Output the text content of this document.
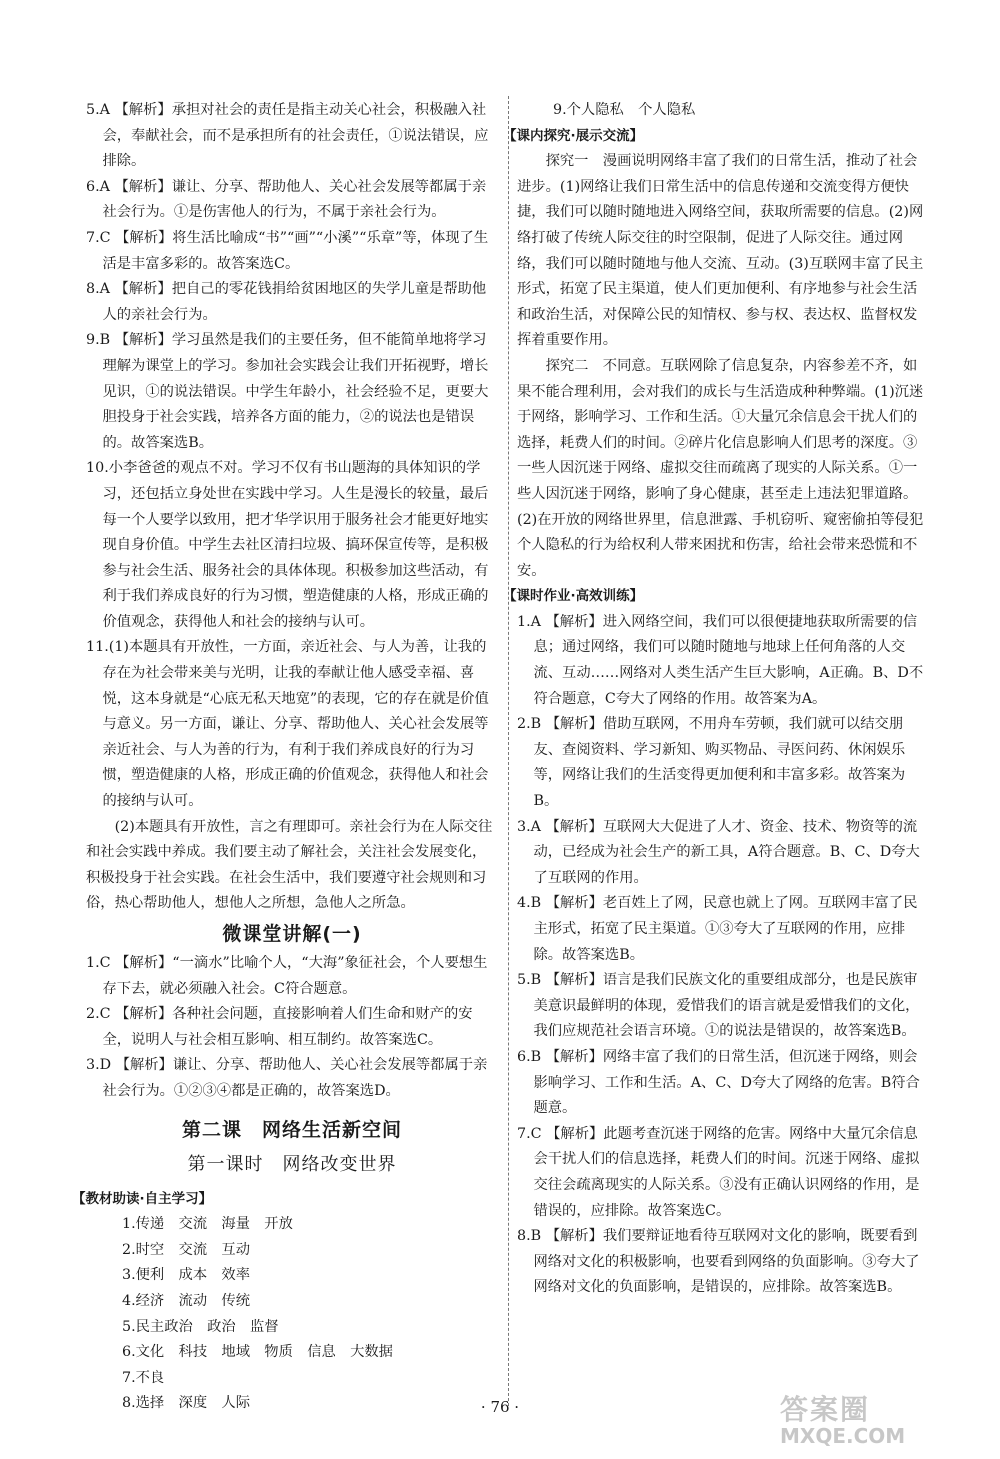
5.A 【解析】承担对社会的责任是指主动关心社会，积极融入社会，奉献社会，而不是承担所有的社会责任，①说法错误，应排除。

6.A 【解析】谦让、分享、帮助他人、关心社会发展等都属于亲社会行为。①是伤害他人的行为，不属于亲社会行为。

7.C 【解析】将生活比喻成“书”“画”“小溪”“乐章”等，体现了生活是丰富多彩的。故答案选C。

8.A 【解析】把自己的零花钱捐给贫困地区的失学儿童是帮助他人的亲社会行为。

9.B 【解析】学习虽然是我们的主要任务，但不能简单地将学习理解为课堂上的学习。参加社会实践会让我们开拓视野，增长见识，①的说法错误。中学生年龄小，社会经验不足，更要大胆投身于社会实践，培养各方面的能力，②的说法也是错误的。故答案选B。

10.小李爸爸的观点不对。学习不仅有书山题海的具体知识的学习，还包括立身处世在实践中学习。人生是漫长的较量，最后每一个人要学以致用，把才华学识用于服务社会才能更好地实现自身价值。中学生去社区清扫垃圾、搞环保宣传等，是积极参与社会生活、服务社会的具体体现。积极参加这些活动，有利于我们养成良好的行为习惯，塑造健康的人格，形成正确的价值观念，获得他人和社会的接纳与认可。

11.(1)本题具有开放性，一方面，亲近社会、与人为善，让我的存在为社会带来美与光明，让我的奉献让他人感受幸福、喜悦，这本身就是“心底无私天地宽”的表现，它的存在就是价值与意义。另一方面，谦让、分享、帮助他人、关心社会发展等亲近社会、与人为善的行为，有利于我们养成良好的行为习惯，塑造健康的人格，形成正确的价值观念，获得他人和社会的接纳与认可。

(2)本题具有开放性，言之有理即可。亲社会行为在人际交往和社会实践中养成。我们要主动了解社会，关注社会发展变化，积极投身于社会实践。在社会生活中，我们要遵守社会规则和习俗，热心帮助他人，想他人之所想，急他人之所急。

微课堂讲解(一)

1.C 【解析】“一滴水”比喻个人，“大海”象征社会，个人要想生存下去，就必须融入社会。C符合题意。

2.C 【解析】各种社会问题，直接影响着人们生命和财产的安全，说明人与社会相互影响、相互制约。故答案选C。

3.D 【解析】谦让、分享、帮助他人、关心社会发展等都属于亲社会行为。①②③④都是正确的，故答案选D。

第二课　网络生活新空间
第一课时　网络改变世界

【教材助读·自主学习】

1.传递　交流　海量　开放

2.时空　交流　互动

3.便利　成本　效率

4.经济　流动　传统

5.民主政治　政治　监督

6.文化　科技　地域　物质　信息　大数据

7.不良

8.选择　深度　人际

9.个人隐私　个人隐私

【课内探究·展示交流】

探究一　漫画说明网络丰富了我们的日常生活，推动了社会进步。(1)网络让我们日常生活中的信息传递和交流变得方便快捷，我们可以随时随地进入网络空间，获取所需要的信息。(2)网络打破了传统人际交往的时空限制，促进了人际交往。通过网络，我们可以随时随地与他人交流、互动。(3)互联网丰富了民主形式，拓宽了民主渠道，使人们更加便利、有序地参与社会生活和政治生活，对保障公民的知情权、参与权、表达权、监督权发挥着重要作用。

探究二　不同意。互联网除了信息复杂，内容参差不齐，如果不能合理利用，会对我们的成长与生活造成种种弊端。(1)沉迷于网络，影响学习、工作和生活。①大量冗余信息会干扰人们的选择，耗费人们的时间。②碎片化信息影响人们思考的深度。③一些人因沉迷于网络、虚拟交往而疏离了现实的人际关系。①一些人因沉迷于网络，影响了身心健康，甚至走上违法犯罪道路。(2)在开放的网络世界里，信息泄露、手机窃听、窥密偷拍等侵犯个人隐私的行为给权利人带来困扰和伤害，给社会带来恐慌和不安。

【课时作业·高效训练】

1.A 【解析】进入网络空间，我们可以很便捷地获取所需要的信息；通过网络，我们可以随时随地与地球上任何角落的人交流、互动……网络对人类生活产生巨大影响，A正确。B、D不符合题意，C夸大了网络的作用。故答案为A。

2.B 【解析】借助互联网，不用舟车劳顿，我们就可以结交朋友、查阅资料、学习新知、购买物品、寻医问药、休闲娱乐等，网络让我们的生活变得更加便利和丰富多彩。故答案为B。

3.A 【解析】互联网大大促进了人才、资金、技术、物资等的流动，已经成为社会生产的新工具，A符合题意。B、C、D夸大了互联网的作用。

4.B 【解析】老百姓上了网，民意也就上了网。互联网丰富了民主形式，拓宽了民主渠道。①③夸大了互联网的作用，应排除。故答案选B。

5.B 【解析】语言是我们民族文化的重要组成部分，也是民族审美意识最鲜明的体现，爱惜我们的语言就是爱惜我们的文化，我们应规范社会语言环境。①的说法是错误的，故答案选B。

6.B 【解析】网络丰富了我们的日常生活，但沉迷于网络，则会影响学习、工作和生活。A、C、D夸大了网络的危害。B符合题意。

7.C 【解析】此题考查沉迷于网络的危害。网络中大量冗余信息会干扰人们的信息选择，耗费人们的时间。沉迷于网络、虚拟交往会疏离现实的人际关系。③没有正确认识网络的作用，是错误的，应排除。故答案选C。

8.B 【解析】我们要辩证地看待互联网对文化的影响，既要看到网络对文化的积极影响，也要看到网络的负面影响。③夸大了网络对文化的负面影响，是错误的，应排除。故答案选B。

· 76 ·	答案圈
MXQE.COM
